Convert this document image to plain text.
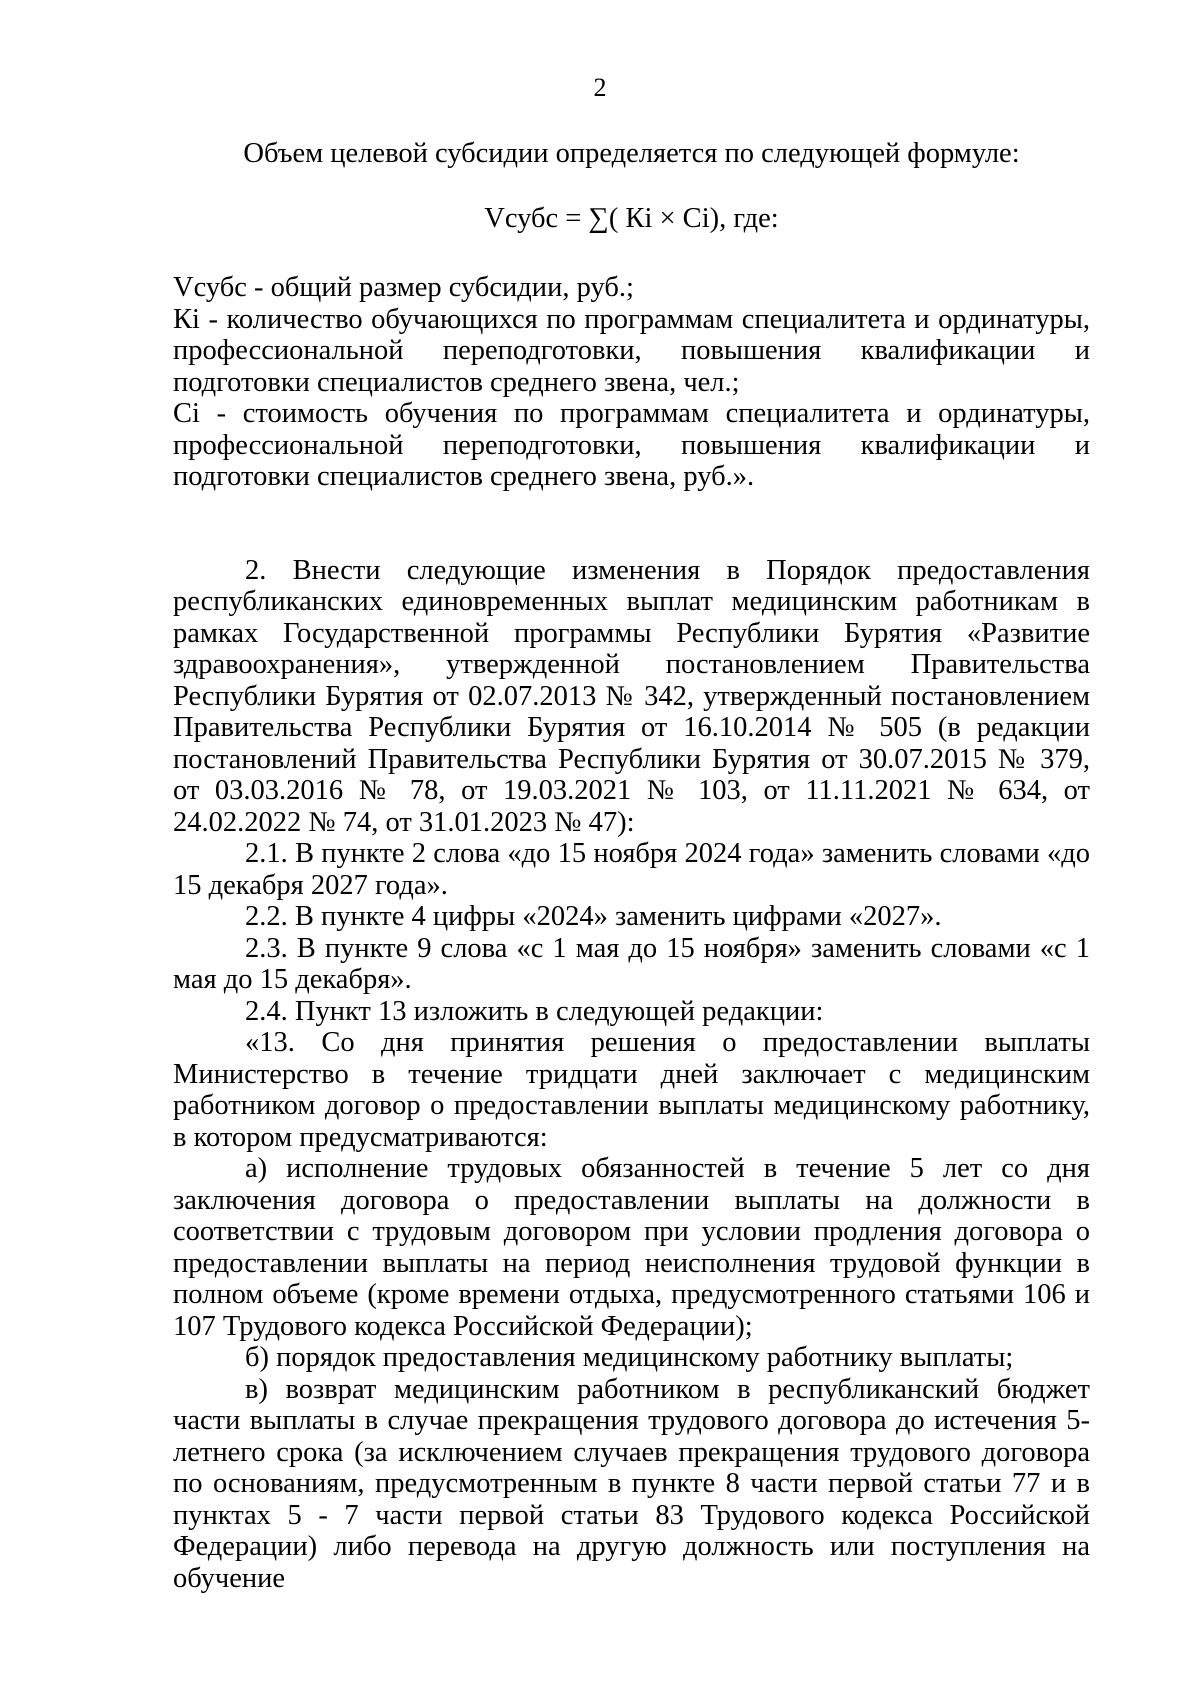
2

Объем целевой субсидии определяется по следующей формуле:

Vсубс = ∑( Кi × Сi), где:

Vсубс - общий размер субсидии, руб.;

Кi - количество обучающихся по программам специалитета и ординатуры, профессиональной переподготовки, повышения квалификации и подготовки специалистов среднего звена, чел.;

Сi - стоимость обучения по программам специалитета и ординатуры, профессиональной переподготовки, повышения квалификации и подготовки специалистов среднего звена, руб.».

2. Внести следующие изменения в Порядок предоставления республиканских единовременных выплат медицинским работникам в рамках Государственной программы Республики Бурятия «Развитие здравоохранения», утвержденной постановлением Правительства Республики Бурятия от 02.07.2013 № 342, утвержденный постановлением Правительства Республики Бурятия от 16.10.2014 № 505 (в редакции постановлений Правительства Республики Бурятия от 30.07.2015 № 379, от 03.03.2016 № 78, от 19.03.2021 № 103, от 11.11.2021 № 634, от 24.02.2022 № 74, от 31.01.2023 № 47):

2.1. В пункте 2 слова «до 15 ноября 2024 года» заменить словами «до 15 декабря 2027 года».

2.2. В пункте 4 цифры «2024» заменить цифрами «2027».

2.3. В пункте 9 слова «с 1 мая до 15 ноября» заменить словами «с 1 мая до 15 декабря».

2.4. Пункт 13 изложить в следующей редакции:

«13. Со дня принятия решения о предоставлении выплаты Министерство в течение тридцати дней заключает с медицинским работником договор о предоставлении выплаты медицинскому работнику, в котором предусматриваются:

а) исполнение трудовых обязанностей в течение 5 лет со дня заключения договора о предоставлении выплаты на должности в соответствии с трудовым договором при условии продления договора о предоставлении выплаты на период неисполнения трудовой функции в полном объеме (кроме времени отдыха, предусмотренного статьями 106 и 107 Трудового кодекса Российской Федерации);

б) порядок предоставления медицинскому работнику выплаты;

в) возврат медицинским работником в республиканский бюджет части выплаты в случае прекращения трудового договора до истечения 5-летнего срока (за исключением случаев прекращения трудового договора по основаниям, предусмотренным в пункте 8 части первой статьи 77 и в пунктах 5 - 7 части первой статьи 83 Трудового кодекса Российской Федерации) либо перевода на другую должность или поступления на обучение
